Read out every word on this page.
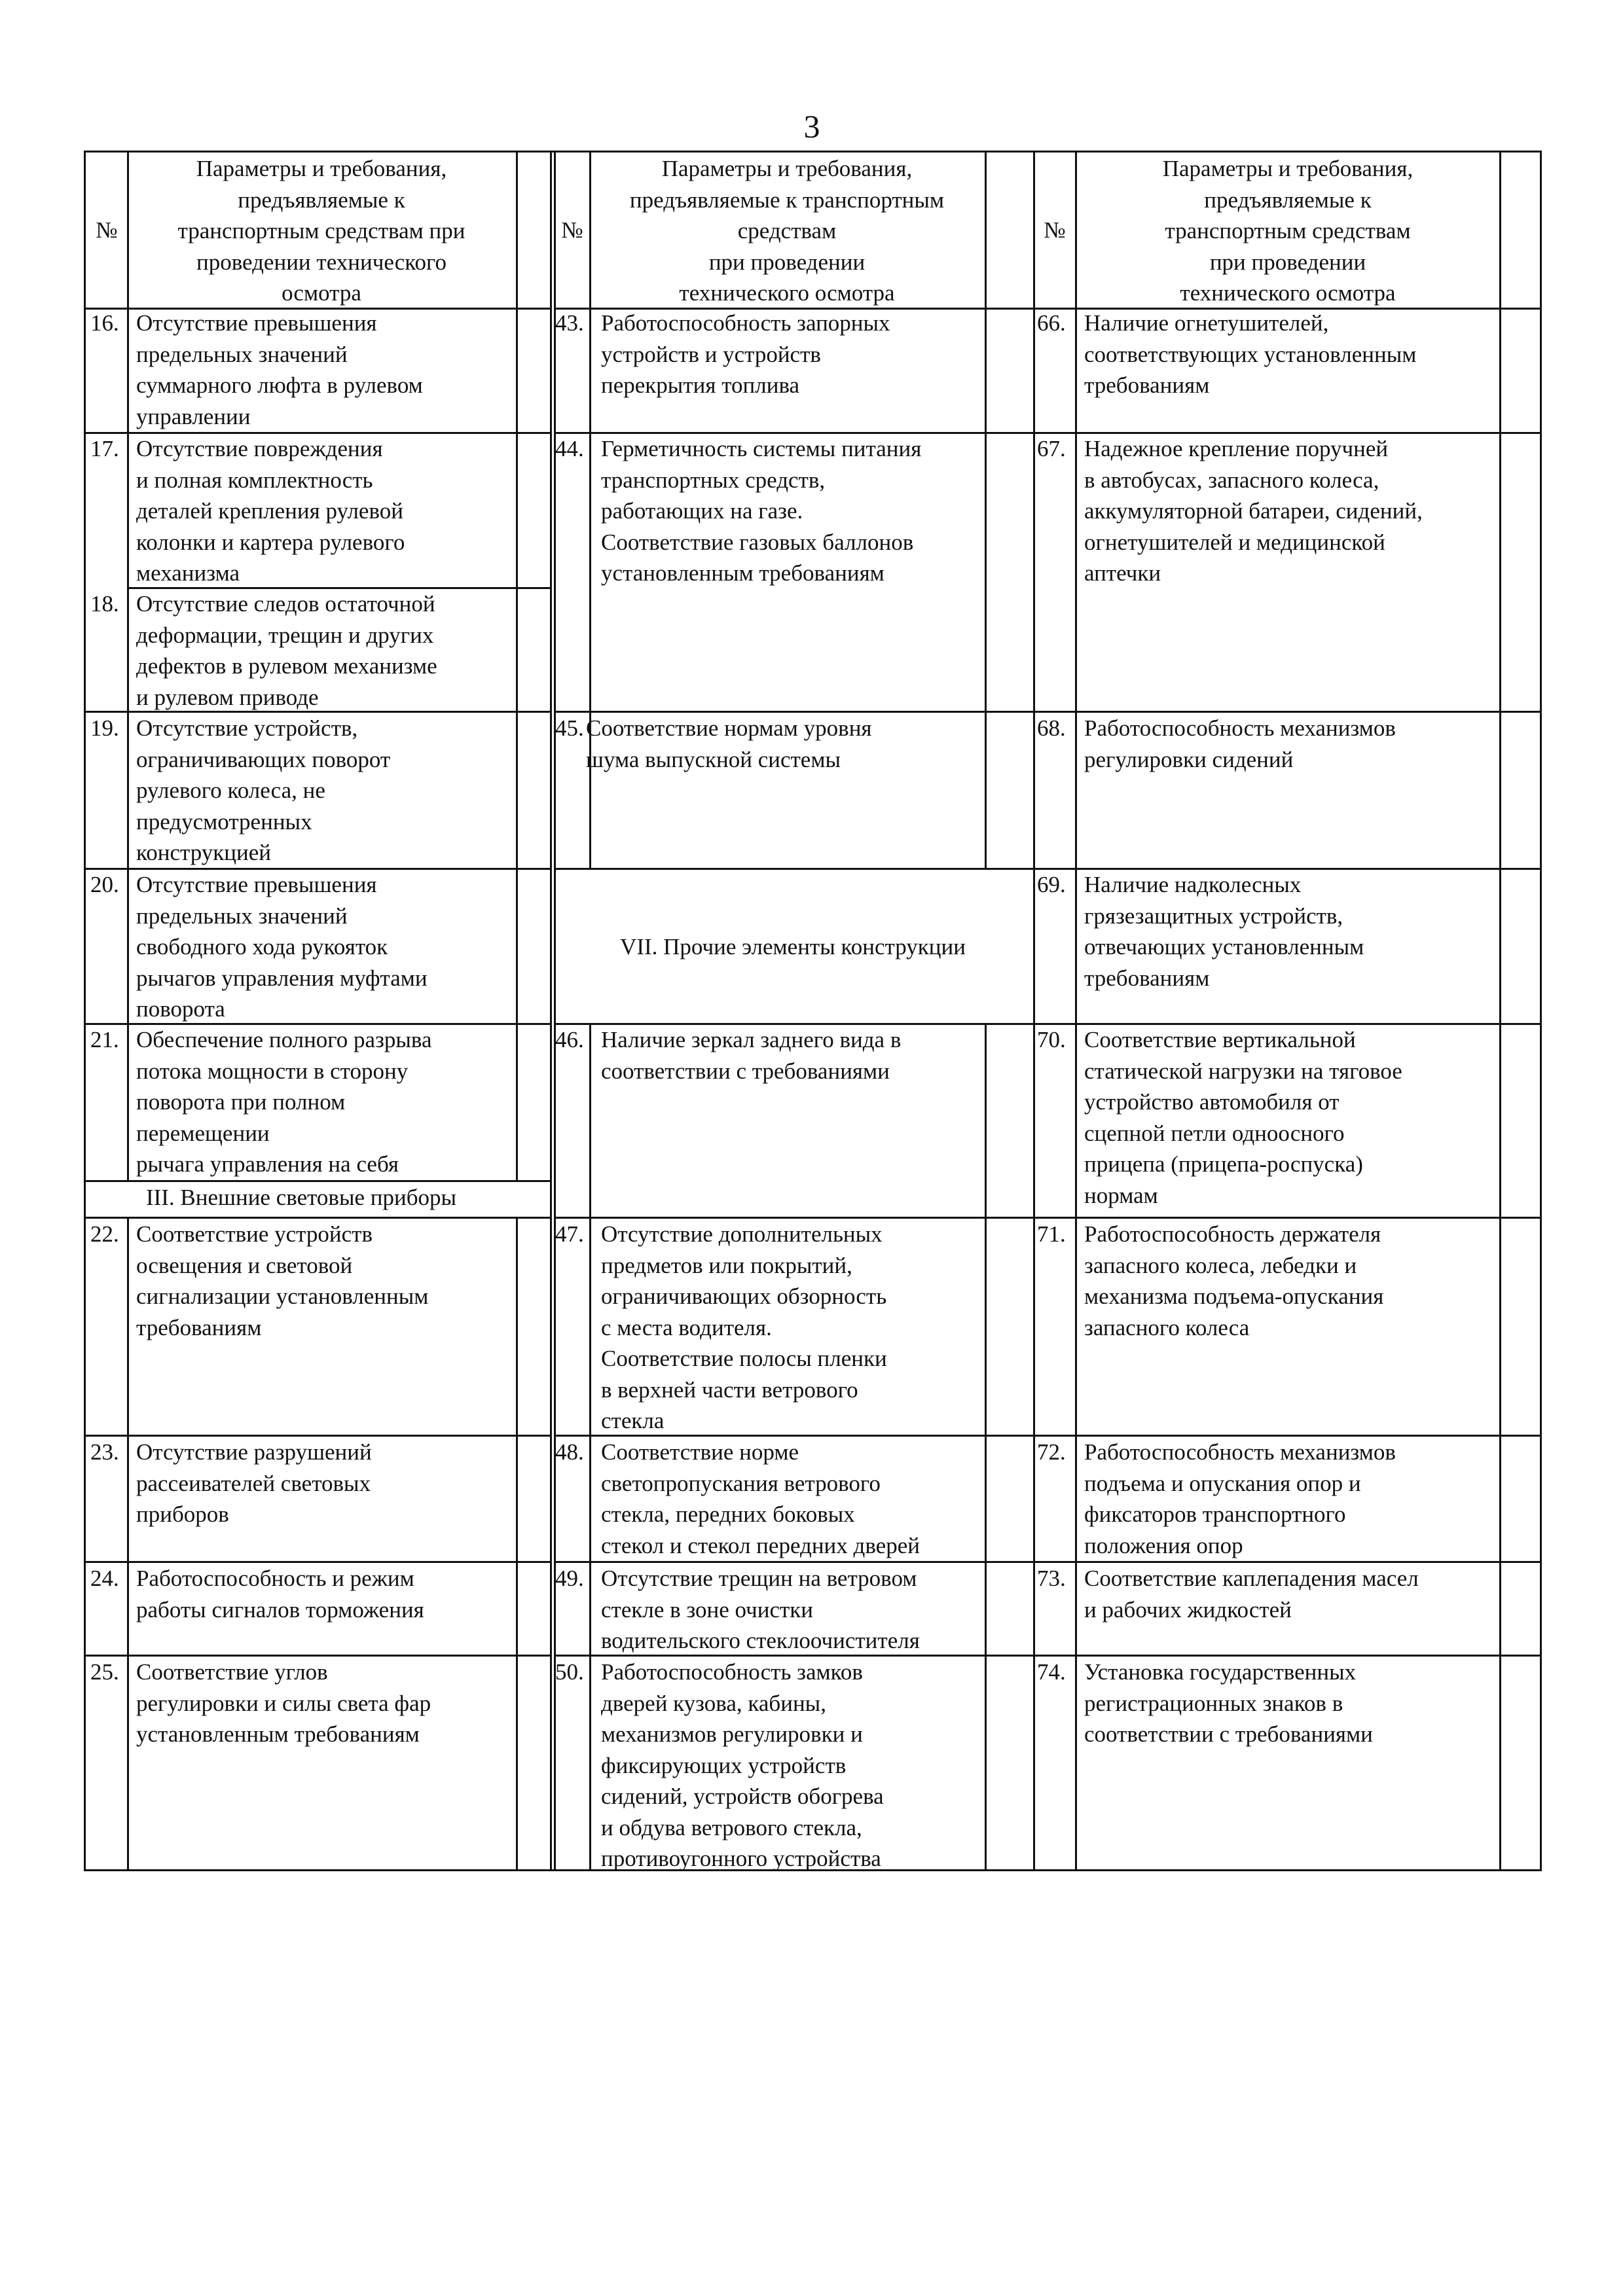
3
№
Параметры и требования,
предъявляемые к
транспортным средствам при
проведении технического
осмотра
№
Параметры и требования,
предъявляемые к транспортным
средствам
при проведении
технического осмотра
№
Параметры и требования,
предъявляемые к
транспортным средствам
при проведении
технического осмотра
16. Отсутствие превышения
предельных значений
суммарного люфта в рулевом
управлении
17. Отсутствие повреждения
и полная комплектность
деталей крепления рулевой
колонки и картера рулевого
механизма
18. Отсутствие следов остаточной
деформации, трещин и других
дефектов в рулевом механизме
и рулевом приводе
19. Отсутствие устройств,
ограничивающих поворот
рулевого колеса, не
предусмотренных
конструкцией
20. Отсутствие превышения
предельных значений
свободного хода рукояток
рычагов управления муфтами
поворота
21. Обеспечение полного разрыва
потока мощности в сторону
поворота при полном
перемещении
рычага управления на себя
III. Внешние световые приборы
22. Соответствие устройств
освещения и световой
сигнализации установленным
требованиям
23. Отсутствие разрушений
рассеивателей световых
приборов
24. Работоспособность и режим
работы сигналов торможения
25. Соответствие углов
регулировки и силы света фар
установленным требованиям
43. Работоспособность запорных
устройств и устройств
перекрытия топлива
44. Герметичность системы питания
транспортных средств,
работающих на газе.
Соответствие газовых баллонов
установленным требованиям
45. Соответствие нормам уровня
шума выпускной системы
VII. Прочие элементы конструкции
46. Наличие зеркал заднего вида в
соответствии с требованиями
47. Отсутствие дополнительных
предметов или покрытий,
ограничивающих обзорность
с места водителя.
Соответствие полосы пленки
в верхней части ветрового
стекла
48. Соответствие норме
светопропускания ветрового
стекла, передних боковых
стекол и стекол передних дверей
49. Отсутствие трещин на ветровом
стекле в зоне очистки
водительского стеклоочистителя
50. Работоспособность замков
дверей кузова, кабины,
механизмов регулировки и
фиксирующих устройств
сидений, устройств обогрева
и обдува ветрового стекла,
противоугонного устройства
66. Наличие огнетушителей,
соответствующих установленным
требованиям
67. Надежное крепление поручней
в автобусах, запасного колеса,
аккумуляторной батареи, сидений,
огнетушителей и медицинской
аптечки
68. Работоспособность механизмов
регулировки сидений
69. Наличие надколесных
грязезащитных устройств,
отвечающих установленным
требованиям
70. Соответствие вертикальной
статической нагрузки на тяговое
устройство автомобиля от
сцепной петли одноосного
прицепа (прицепа-роспуска)
нормам
71. Работоспособность держателя
запасного колеса, лебедки и
механизма подъема-опускания
запасного колеса
72. Работоспособность механизмов
подъема и опускания опор и
фиксаторов транспортного
положения опор
73. Соответствие каплепадения масел
и рабочих жидкостей
74. Установка государственных
регистрационных знаков в
соответствии с требованиями
